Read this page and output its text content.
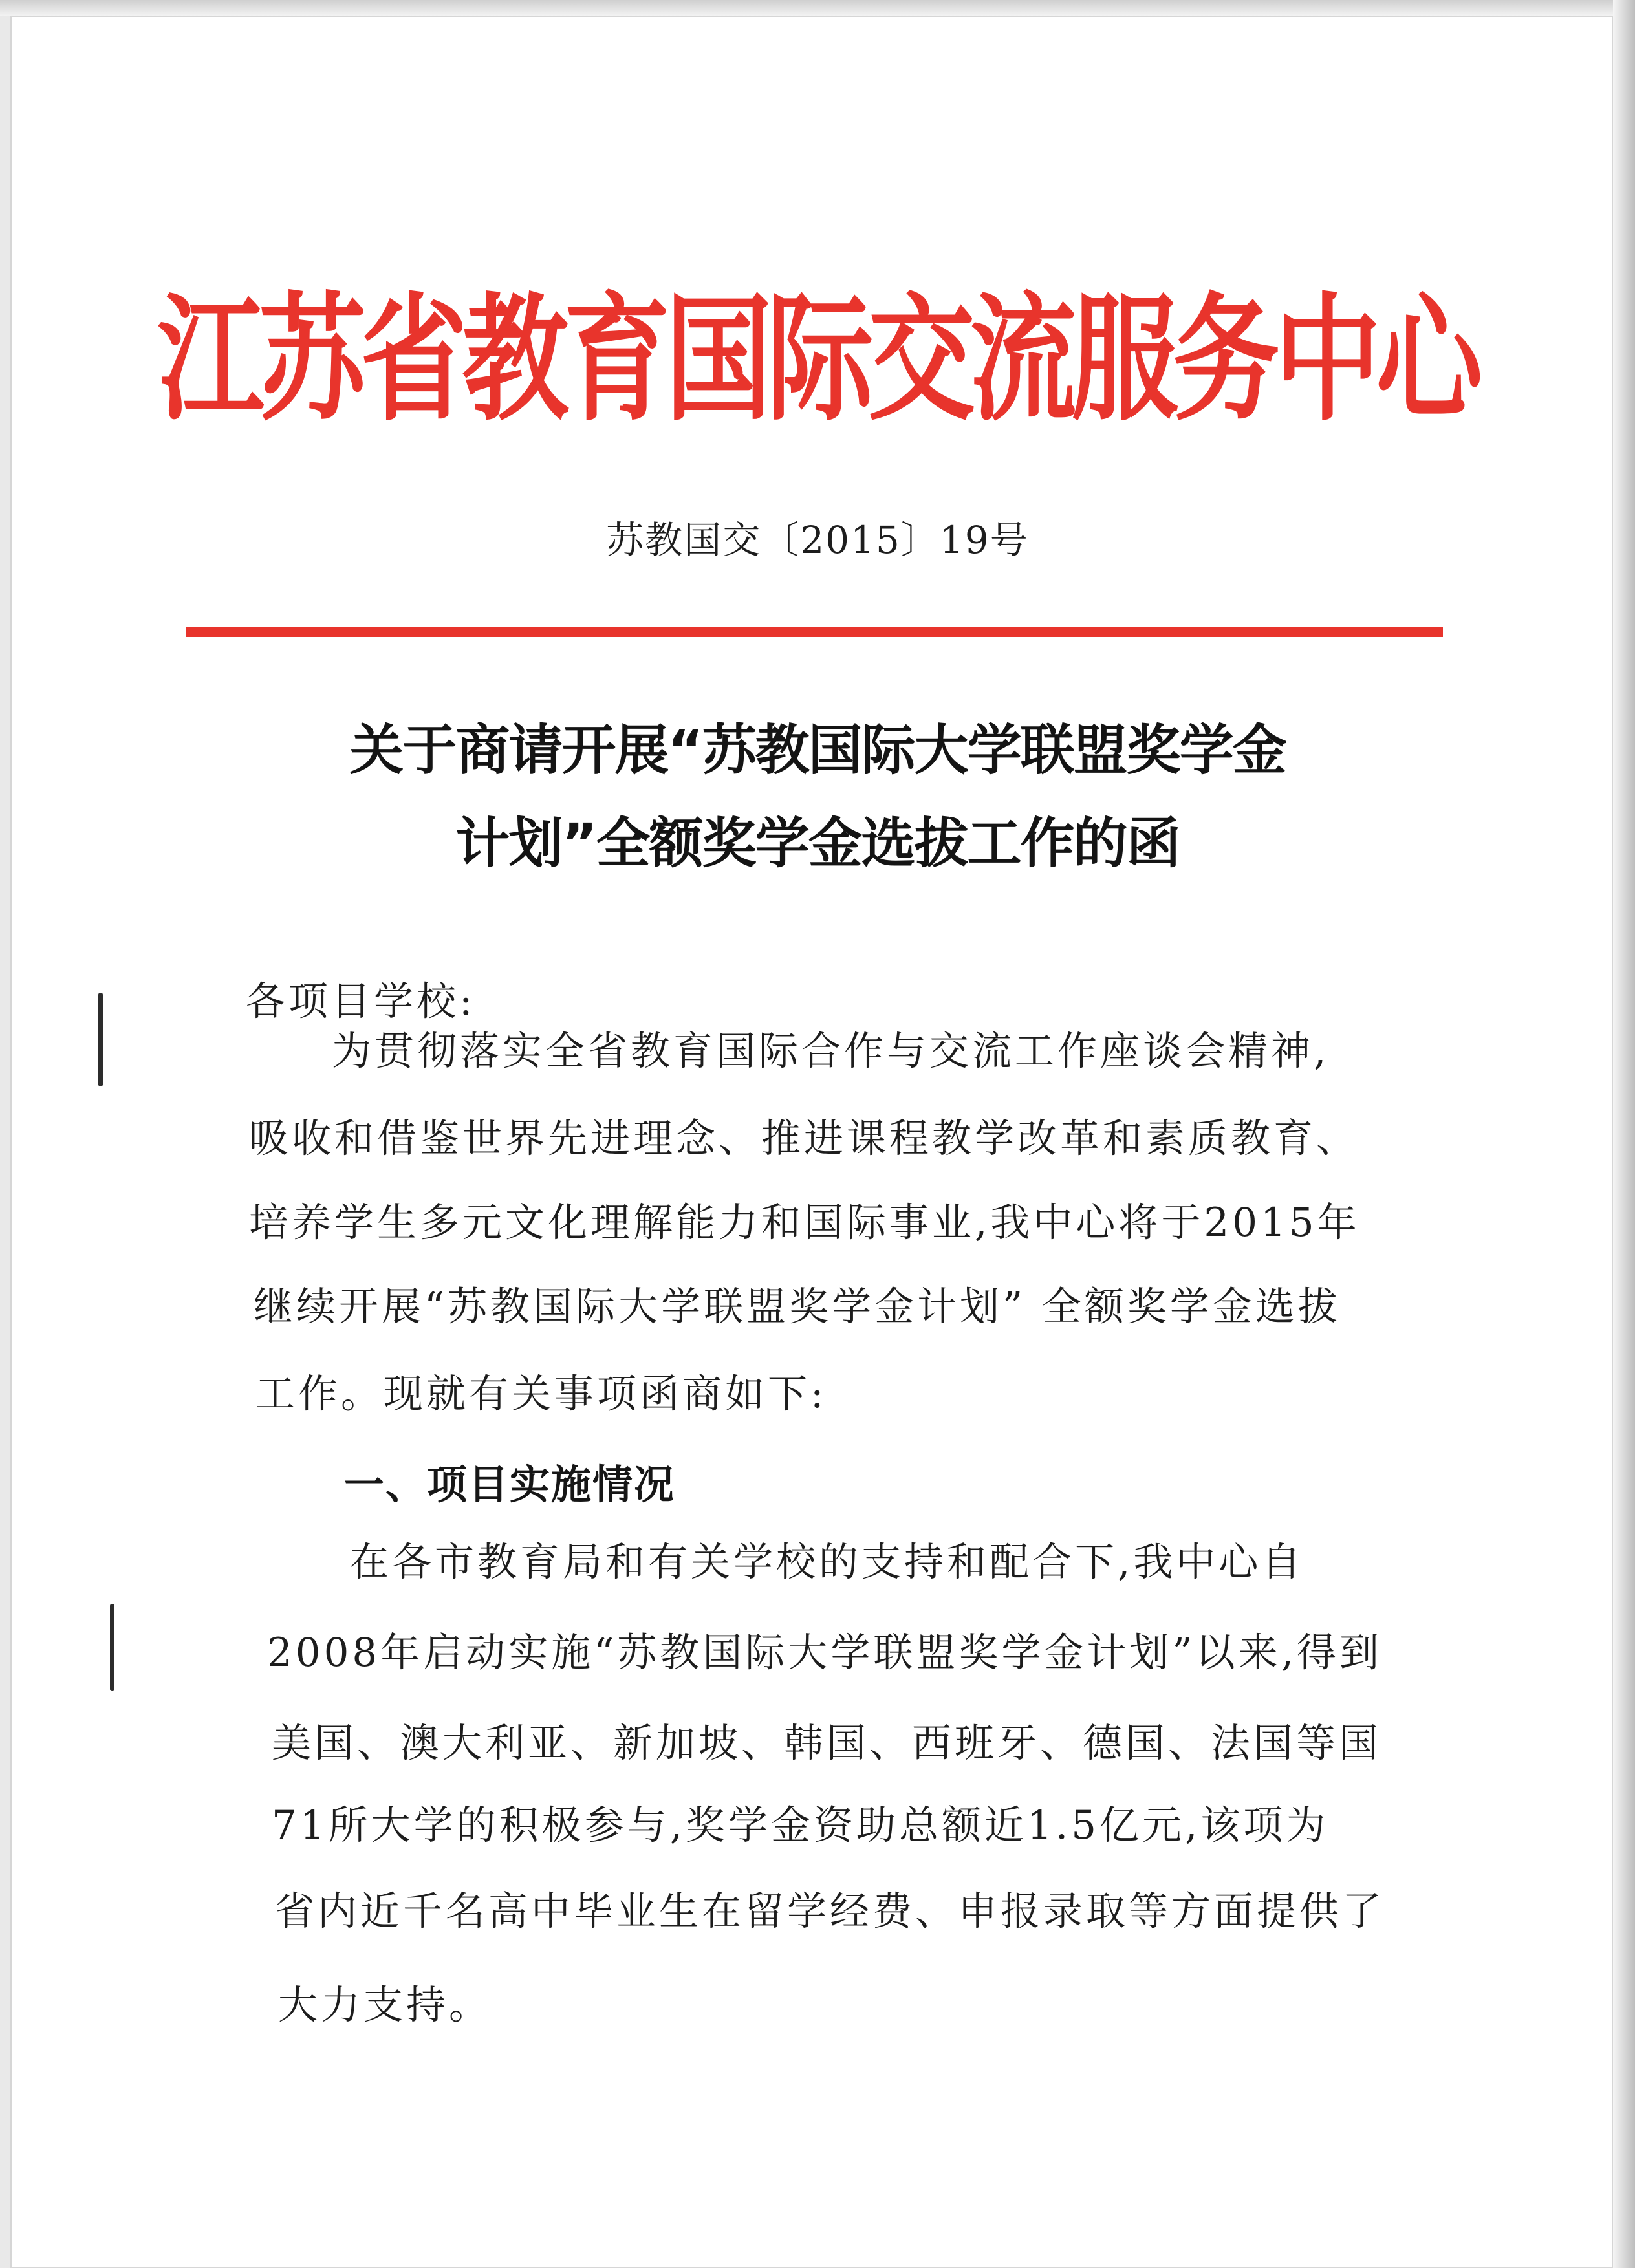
江苏省教育国际交流服务中心
苏教国交〔2015〕19号
关于商请开展“苏教国际大学联盟奖学金
计划”全额奖学金选拔工作的函
各项目学校:
为贯彻落实全省教育国际合作与交流工作座谈会精神,
吸收和借鉴世界先进理念、推进课程教学改革和素质教育、
培养学生多元文化理解能力和国际事业,我中心将于2015年
继续开展“苏教国际大学联盟奖学金计划” 全额奖学金选拔
工作。现就有关事项函商如下:
一、项目实施情况
在各市教育局和有关学校的支持和配合下,我中心自
2008年启动实施“苏教国际大学联盟奖学金计划”以来,得到
美国、澳大利亚、新加坡、韩国、西班牙、德国、法国等国
71所大学的积极参与,奖学金资助总额近1.5亿元,该项为
省内近千名高中毕业生在留学经费、申报录取等方面提供了
大力支持。
